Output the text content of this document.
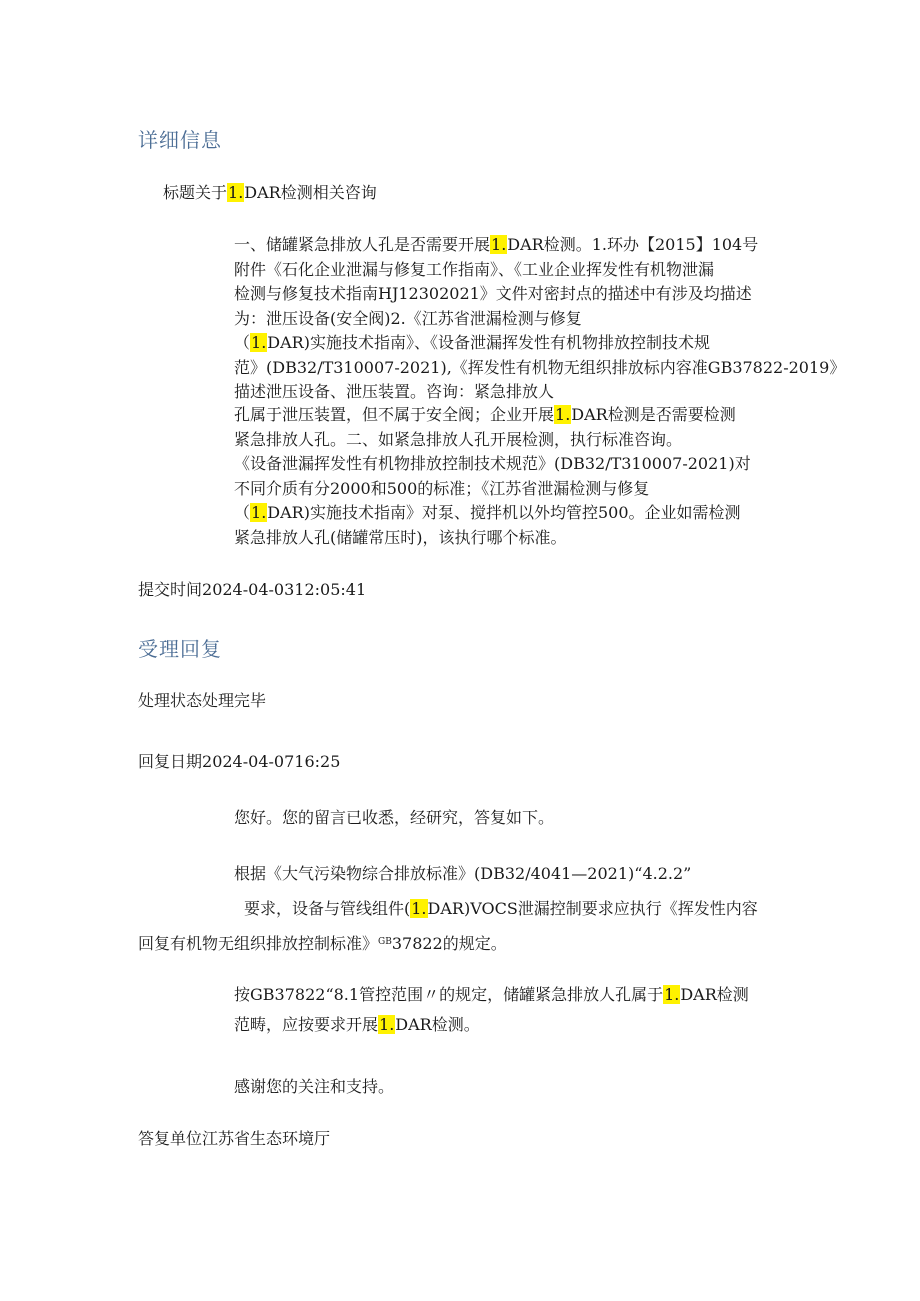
详细信息
标题关于1.DAR检测相关咨询
一、储罐紧急排放人孔是否需要开展1.DAR检测。1.环办【2015】104号
附件《石化企业泄漏与修复工作指南》、《工业企业挥发性有机物泄漏
检测与修复技术指南HJ12302021》文件对密封点的描述中有涉及均描述
为：泄压设备(安全阀)2.《江苏省泄漏检测与修复
（1.DAR)实施技术指南》、《设备泄漏挥发性有机物排放控制技术规
范》(DB32/T310007-2021),《挥发性有机物无组织排放标内容准GB37822-2019》
描述泄压设备、泄压装置。咨询：紧急排放人
孔属于泄压装置，但不属于安全阀；企业开展1.DAR检测是否需要检测
紧急排放人孔。二、如紧急排放人孔开展检测，执行标准咨询。
《设备泄漏挥发性有机物排放控制技术规范》(DB32/T310007-2021)对
不同介质有分2000和500的标准；《江苏省泄漏检测与修复
（1.DAR)实施技术指南》对泵、搅拌机以外均管控500。企业如需检测
紧急排放人孔(储罐常压时)，该执行哪个标准。
提交时间2024-04-0312:05:41
受理回复
处理状态处理完毕
回复日期2024-04-0716:25
您好。您的留言已收悉，经研究，答复如下。
根据《大气污染物综合排放标准》(DB32/4041—2021)“4.2.2”
要求，设备与管线组件(1.DAR)VOCS泄漏控制要求应执行《挥发性内容
回复有机物无组织排放控制标准》$^{GB}$37822的规定。
按GB37822“8.1管控范围〃的规定，储罐紧急排放人孔属于1.DAR检测
范畴，应按要求开展1.DAR检测。
感谢您的关注和支持。
答复单位江苏省生态环境厅
